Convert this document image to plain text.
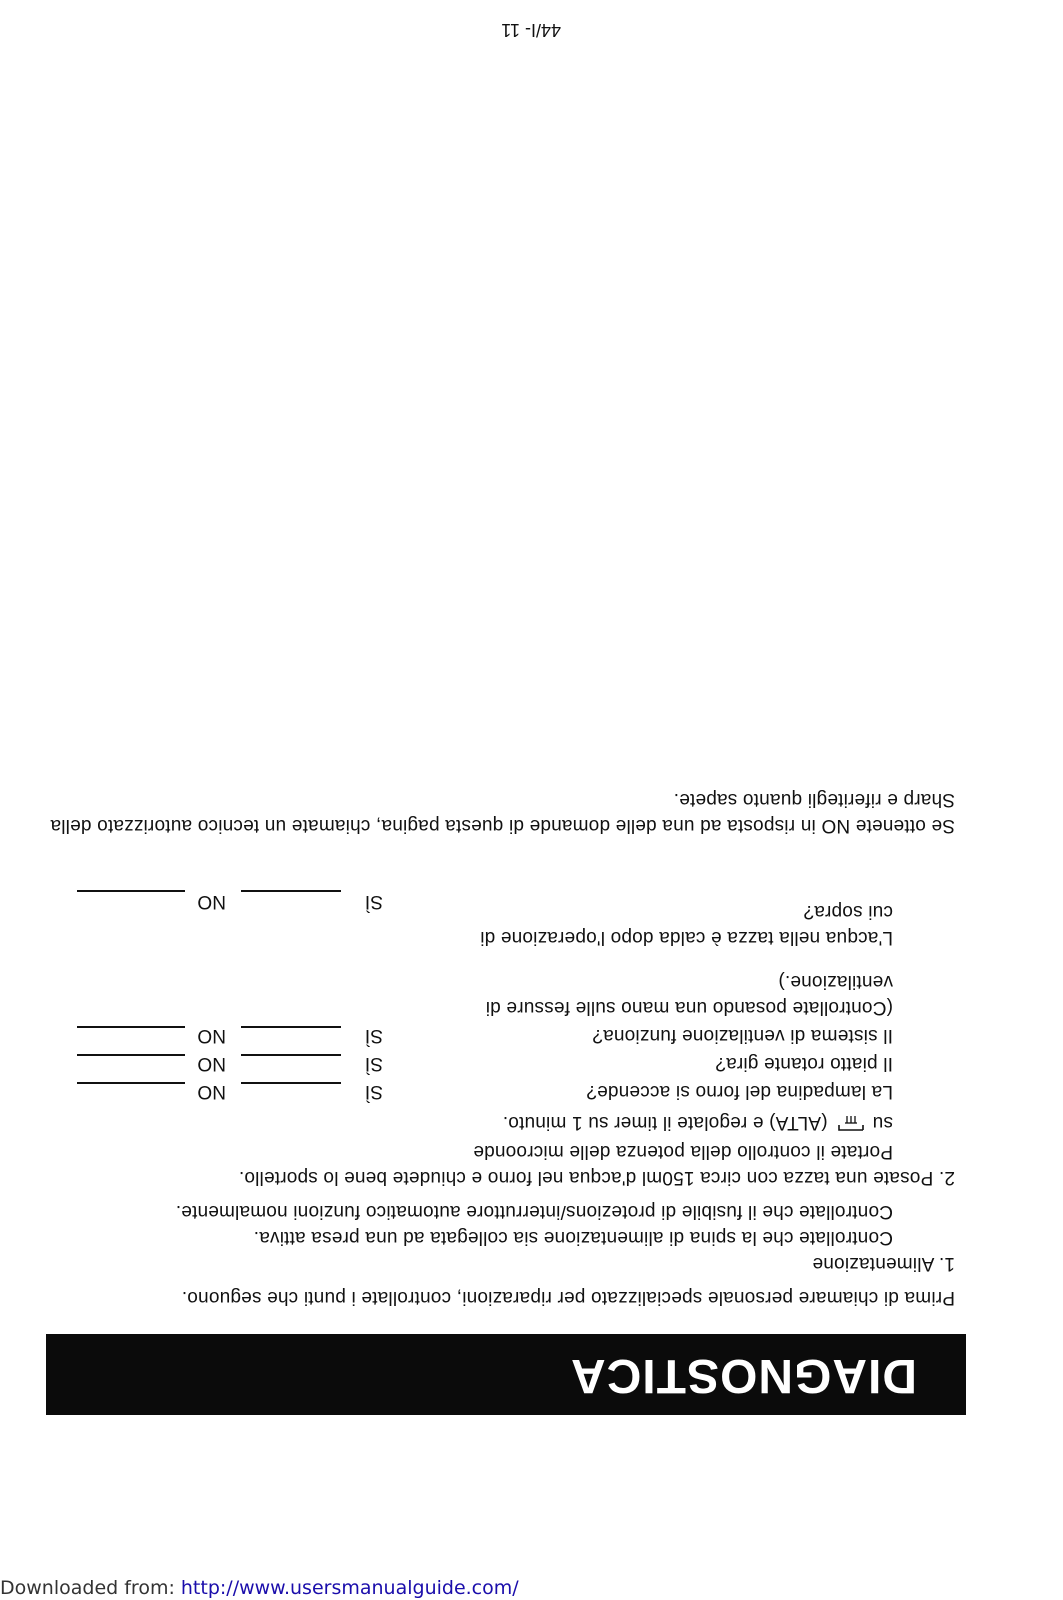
44/I- 11
DIAGNOSTICA
Prima di chiamare personale specializzato per riparazioni, controllate i punti che seguono.
1. Alimentazione
Controllate che la spina di alimentazione sia collegata ad una presa attiva.
Controllate che il fusibile di protezions/interruttore automatico funzioni nomalmente.
2. Posate una tazza con circa 150ml d'acqua nel forno e chiudete bene lo sportello.
Portate il controllo della potenza delle microonde
su  (ALTA) e regolate il timer su 1 minuto.
La lampadina del forno si accende?
SÌ
NO
Il piatto rotante gira?
SÌ
NO
Il sistema di ventilazione funziona?
SÌ
NO
(Controllate posando una mano sulle fessure di
ventilazione.)
L'acqua nella tazza è calda dopo l'operazione di
cui sopra?
SÌ
NO
Se ottenete NO in risposta ad una delle domande di questa pagina, chiamate un tecnico autorizzato della
Sharp e riferitegli quanto sapete.
Downloaded from: http://www.usersmanualguide.com/
